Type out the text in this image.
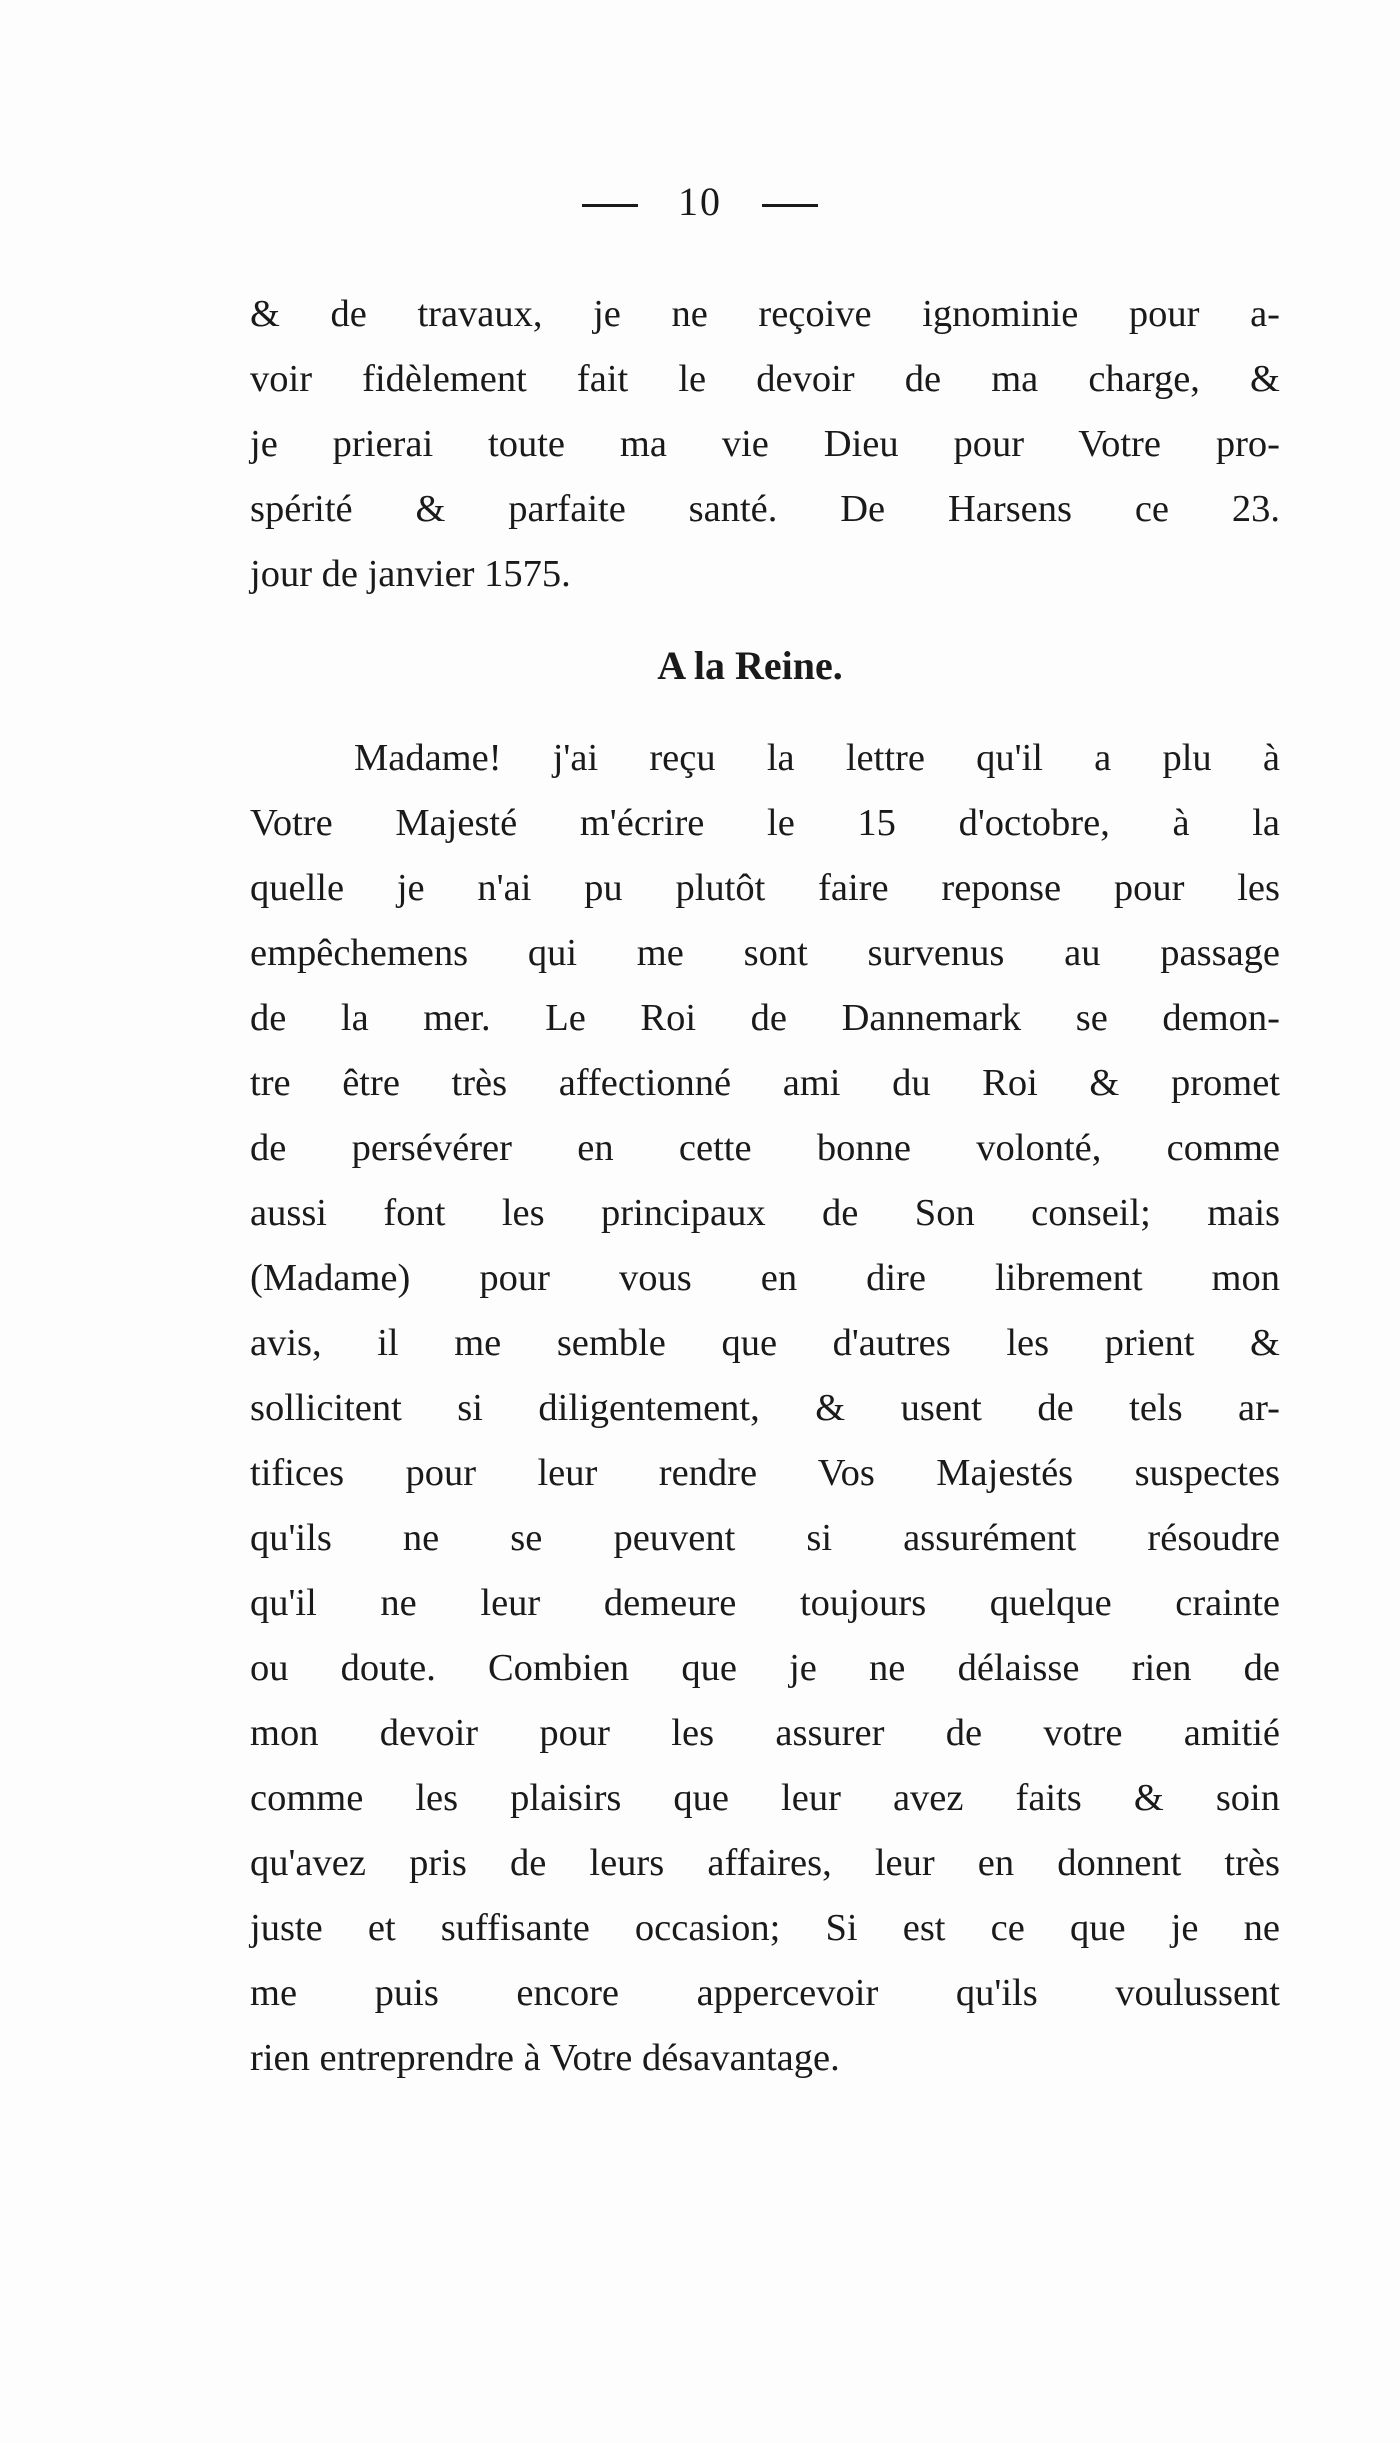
10
& de travaux, je ne reçoive ignominie pour a-
voir fidèlement fait le devoir de ma charge, &
je prierai toute ma vie Dieu pour Votre pro-
spérité & parfaite santé. De Harsens ce 23.
jour de janvier 1575.
A la Reine.
Madame! j'ai reçu la lettre qu'il a plu à
Votre Majesté m'écrire le 15 d'octobre, à la
quelle je n'ai pu plutôt faire reponse pour les
empêchemens qui me sont survenus au passage
de la mer. Le Roi de Dannemark se demon-
tre être très affectionné ami du Roi & promet
de persévérer en cette bonne volonté, comme
aussi font les principaux de Son conseil; mais
(Madame) pour vous en dire librement mon
avis, il me semble que d'autres les prient &
sollicitent si diligentement, & usent de tels ar-
tifices pour leur rendre Vos Majestés suspectes
qu'ils ne se peuvent si assurément résoudre
qu'il ne leur demeure toujours quelque crainte
ou doute. Combien que je ne délaisse rien de
mon devoir pour les assurer de votre amitié
comme les plaisirs que leur avez faits & soin
qu'avez pris de leurs affaires, leur en donnent très
juste et suffisante occasion; Si est ce que je ne
me puis encore appercevoir qu'ils voulussent
rien entreprendre à Votre désavantage.
